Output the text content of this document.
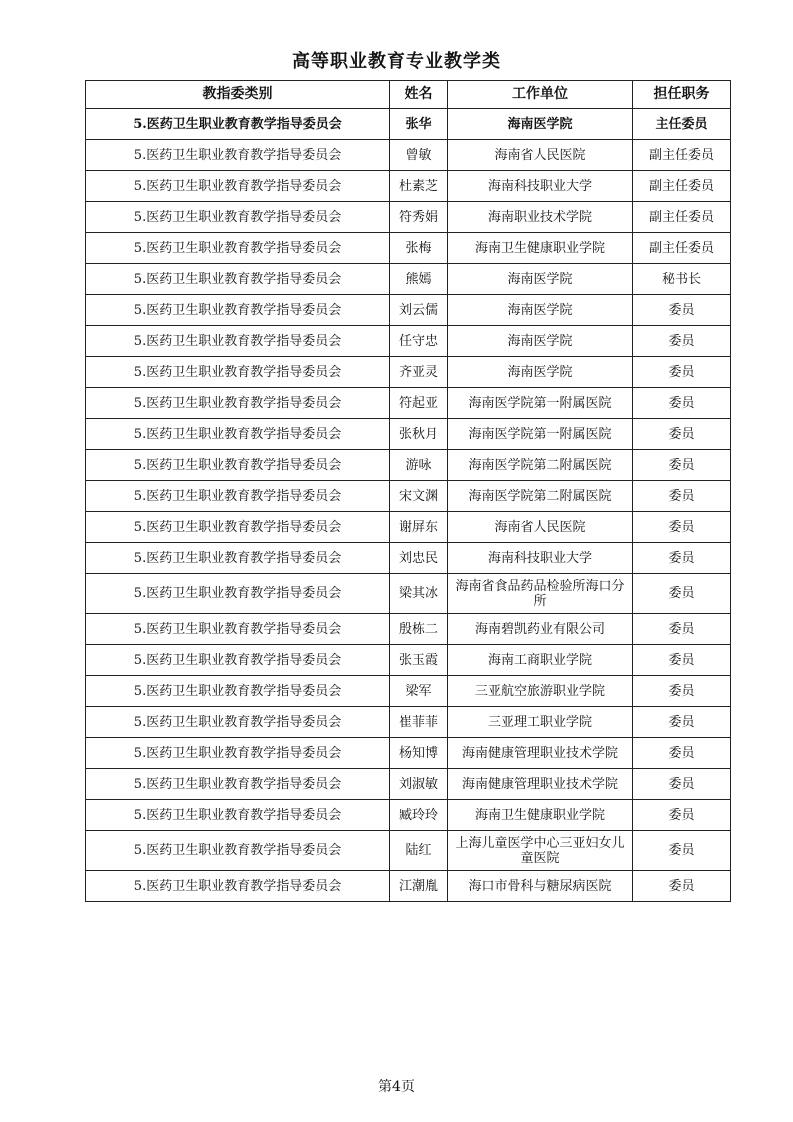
高等职业教育专业教学类
教指委类别	姓名	工作单位	担任职务
5.医药卫生职业教育教学指导委员会	张华	海南医学院	主任委员
5.医药卫生职业教育教学指导委员会	曾敏	海南省人民医院	副主任委员
5.医药卫生职业教育教学指导委员会	杜素芝	海南科技职业大学	副主任委员
5.医药卫生职业教育教学指导委员会	符秀娟	海南职业技术学院	副主任委员
5.医药卫生职业教育教学指导委员会	张梅	海南卫生健康职业学院	副主任委员
5.医药卫生职业教育教学指导委员会	熊嫣	海南医学院	秘书长
5.医药卫生职业教育教学指导委员会	刘云儒	海南医学院	委员
5.医药卫生职业教育教学指导委员会	任守忠	海南医学院	委员
5.医药卫生职业教育教学指导委员会	齐亚灵	海南医学院	委员
5.医药卫生职业教育教学指导委员会	符起亚	海南医学院第一附属医院	委员
5.医药卫生职业教育教学指导委员会	张秋月	海南医学院第一附属医院	委员
5.医药卫生职业教育教学指导委员会	游咏	海南医学院第二附属医院	委员
5.医药卫生职业教育教学指导委员会	宋文渊	海南医学院第二附属医院	委员
5.医药卫生职业教育教学指导委员会	谢屏东	海南省人民医院	委员
5.医药卫生职业教育教学指导委员会	刘忠民	海南科技职业大学	委员
5.医药卫生职业教育教学指导委员会	梁其冰	海南省食品药品检验所海口分所	委员
5.医药卫生职业教育教学指导委员会	殷栋二	海南碧凯药业有限公司	委员
5.医药卫生职业教育教学指导委员会	张玉霞	海南工商职业学院	委员
5.医药卫生职业教育教学指导委员会	梁军	三亚航空旅游职业学院	委员
5.医药卫生职业教育教学指导委员会	崔菲菲	三亚理工职业学院	委员
5.医药卫生职业教育教学指导委员会	杨知博	海南健康管理职业技术学院	委员
5.医药卫生职业教育教学指导委员会	刘淑敏	海南健康管理职业技术学院	委员
5.医药卫生职业教育教学指导委员会	臧玲玲	海南卫生健康职业学院	委员
5.医药卫生职业教育教学指导委员会	陆红	上海儿童医学中心三亚妇女儿童医院	委员
5.医药卫生职业教育教学指导委员会	江潮胤	海口市骨科与糖尿病医院	委员
第4页
